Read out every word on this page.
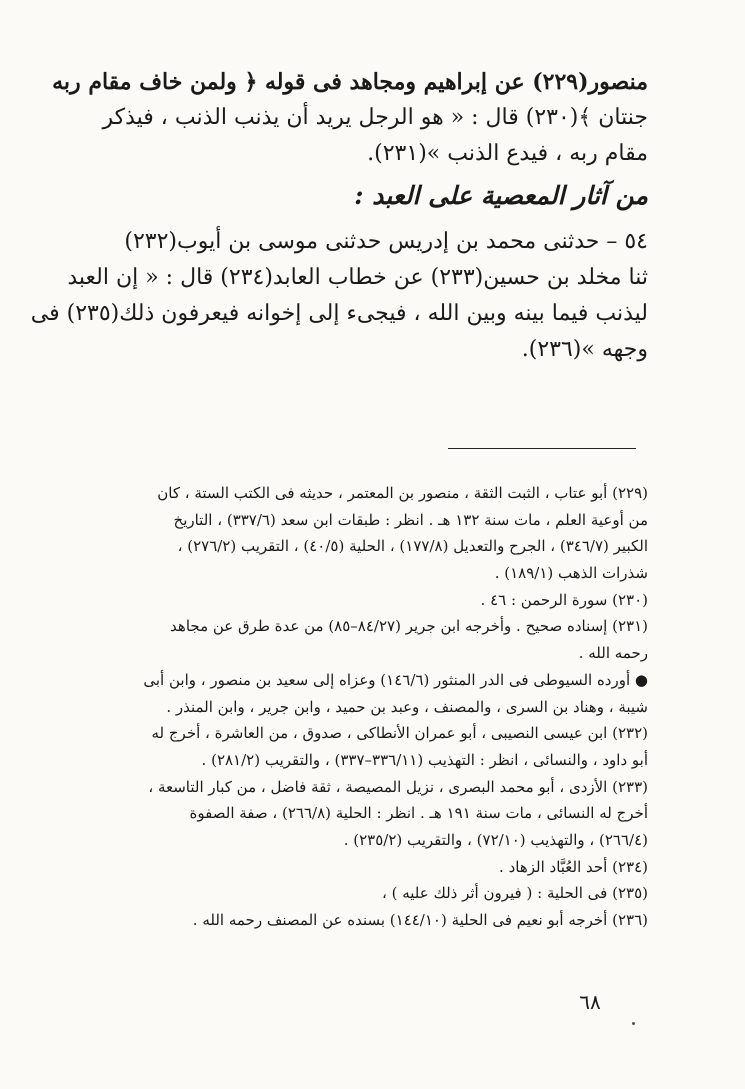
منصور(٢٢٩) عن إبراهيم ومجاهد فى قوله ﴿ ولمن خاف مقام ربه
جنتان ﴾(٢٣٠) قال : « هو الرجل يريد أن يذنب الذنب ، فيذكر
مقام ربه ، فيدع الذنب »(٢٣١).
من آثار المعصية على العبد :
٥٤ – حدثنى محمد بن إدريس حدثنى موسى بن أيوب(٢٣٢)
ثنا مخلد بن حسين(٢٣٣) عن خطاب العابد(٢٣٤) قال : « إن العبد
ليذنب فيما بينه وبين الله ، فيجىء إلى إخوانه فيعرفون ذلك(٢٣٥) فى
وجهه »(٢٣٦).
(٢٢٩) أبو عتاب ، الثبت الثقة ، منصور بن المعتمر ، حديثه فى الكتب الستة ، كان
من أوعية العلم ، مات سنة ١٣٢ هـ . انظر : طبقات ابن سعد (٣٣٧/٦) ، التاريخ
الكبير (٣٤٦/٧) ، الجرح والتعديل (١٧٧/٨) ، الحلية (٤٠/٥) ، التقريب (٢٧٦/٢) ،
شذرات الذهب (١٨٩/١) .
(٢٣٠) سورة الرحمن : ٤٦ .
(٢٣١) إسناده صحيح . وأخرجه ابن جرير (٨٤/٢٧–٨٥) من عدة طرق عن مجاهد
رحمه الله .
● أورده السيوطى فى الدر المنثور (١٤٦/٦) وعزاه إلى سعيد بن منصور ، وابن أبى
شيبة ، وهناد بن السرى ، والمصنف ، وعبد بن حميد ، وابن جرير ، وابن المنذر .
(٢٣٢) ابن عيسى النصيبى ، أبو عمران الأنطاكى ، صدوق ، من العاشرة ، أخرج له
أبو داود ، والنسائى ، انظر : التهذيب (٣٣٦/١١–٣٣٧) ، والتقريب (٢٨١/٢) .
(٢٣٣) الأزدى ، أبو محمد البصرى ، نزيل المصيصة ، ثقة فاضل ، من كبار التاسعة ،
أخرج له النسائى ، مات سنة ١٩١ هـ . انظر : الحلية (٢٦٦/٨) ، صفة الصفوة
(٢٦٦/٤) ، والتهذيب (٧٢/١٠) ، والتقريب (٢٣٥/٢) .
(٢٣٤) أحد العُبَّاد الزهاد .
(٢٣٥) فى الحلية : ( فيرون أثر ذلك عليه ) ،
(٢٣٦) أخرجه أبو نعيم فى الحلية (١٤٤/١٠) بسنده عن المصنف رحمه الله .
٦٨
